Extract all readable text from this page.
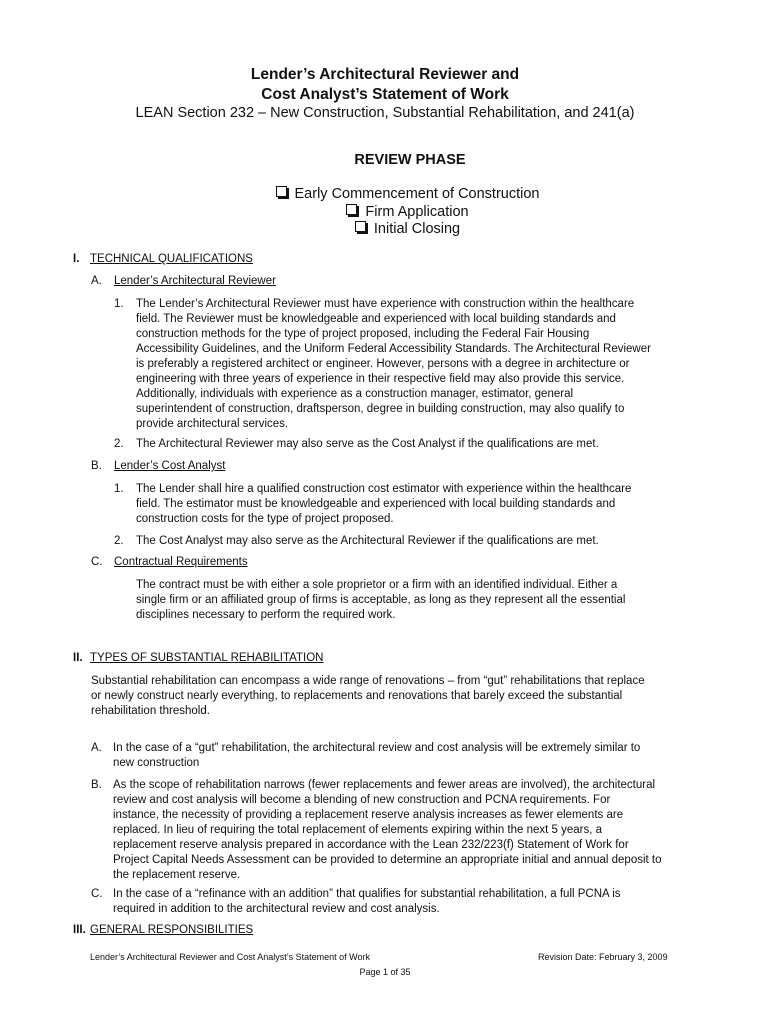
Lender’s Architectural Reviewer and
Cost Analyst’s Statement of Work
LEAN Section 232 – New Construction, Substantial Rehabilitation, and 241(a)
REVIEW PHASE
Early Commencement of Construction
Firm Application
Initial Closing
I. TECHNICAL QUALIFICATIONS
A. Lender’s Architectural Reviewer
1. The Lender’s Architectural Reviewer must have experience with construction within the healthcare
field. The Reviewer must be knowledgeable and experienced with local building standards and
construction methods for the type of project proposed, including the Federal Fair Housing
Accessibility Guidelines, and the Uniform Federal Accessibility Standards. The Architectural Reviewer
is preferably a registered architect or engineer. However, persons with a degree in architecture or
engineering with three years of experience in their respective field may also provide this service.
Additionally, individuals with experience as a construction manager, estimator, general
superintendent of construction, draftsperson, degree in building construction, may also qualify to
provide architectural services.
2. The Architectural Reviewer may also serve as the Cost Analyst if the qualifications are met.
B. Lender’s Cost Analyst
1. The Lender shall hire a qualified construction cost estimator with experience within the healthcare
field. The estimator must be knowledgeable and experienced with local building standards and
construction costs for the type of project proposed.
2. The Cost Analyst may also serve as the Architectural Reviewer if the qualifications are met.
C. Contractual Requirements
The contract must be with either a sole proprietor or a firm with an identified individual. Either a
single firm or an affiliated group of firms is acceptable, as long as they represent all the essential
disciplines necessary to perform the required work.
II. TYPES OF SUBSTANTIAL REHABILITATION
Substantial rehabilitation can encompass a wide range of renovations – from “gut” rehabilitations that replace
or newly construct nearly everything, to replacements and renovations that barely exceed the substantial
rehabilitation threshold.
A. In the case of a “gut” rehabilitation, the architectural review and cost analysis will be extremely similar to
new construction
B. As the scope of rehabilitation narrows (fewer replacements and fewer areas are involved), the architectural
review and cost analysis will become a blending of new construction and PCNA requirements. For
instance, the necessity of providing a replacement reserve analysis increases as fewer elements are
replaced. In lieu of requiring the total replacement of elements expiring within the next 5 years, a
replacement reserve analysis prepared in accordance with the Lean 232/223(f) Statement of Work for
Project Capital Needs Assessment can be provided to determine an appropriate initial and annual deposit to
the replacement reserve.
C. In the case of a “refinance with an addition” that qualifies for substantial rehabilitation, a full PCNA is
required in addition to the architectural review and cost analysis.
III. GENERAL RESPONSIBILITIES
Lender’s Architectural Reviewer and Cost Analyst’s Statement of Work	Revision Date: February 3, 2009
Page 1 of 35
